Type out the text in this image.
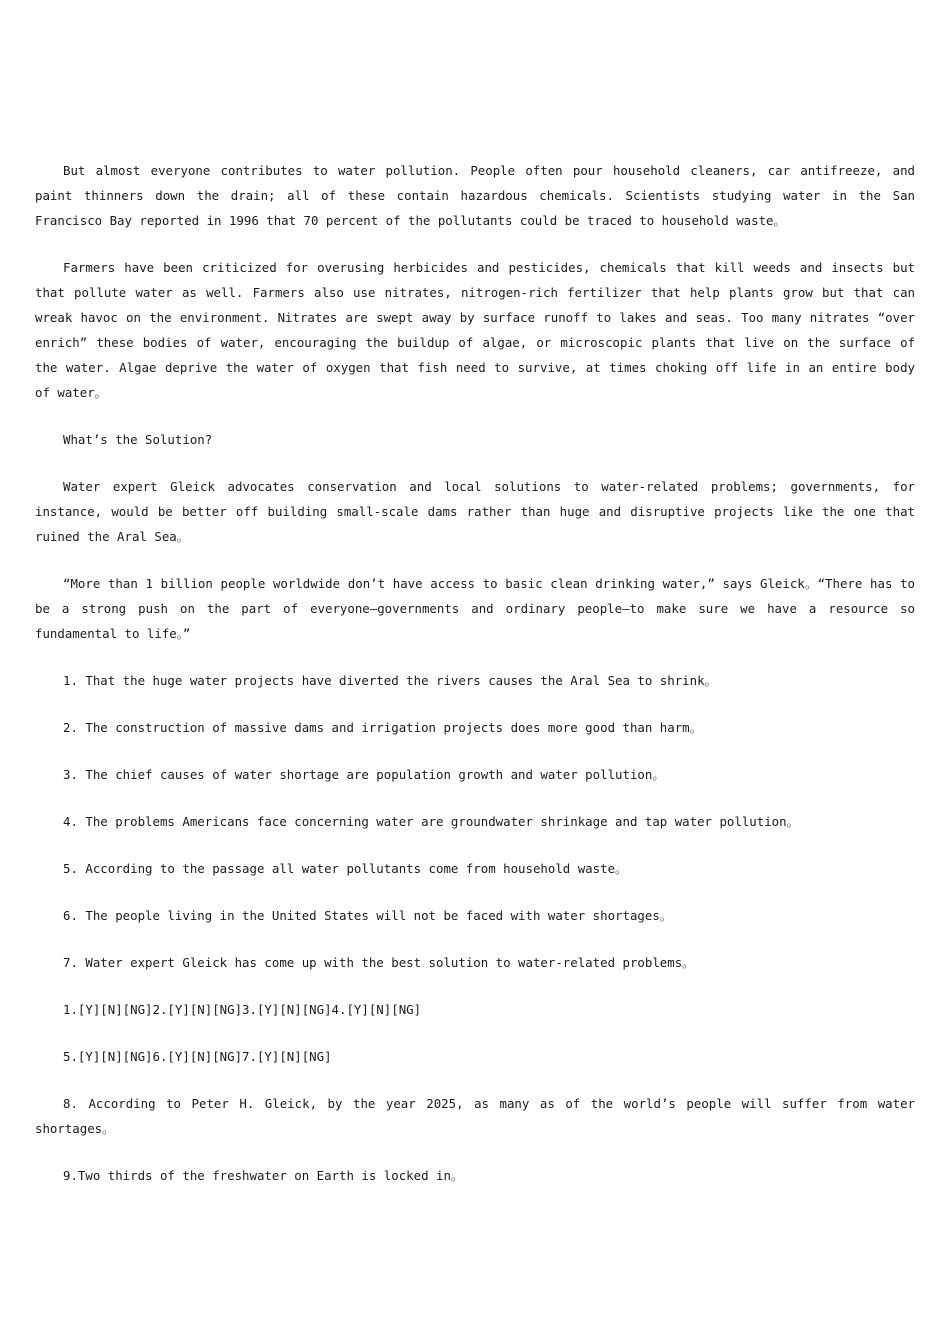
But almost everyone contributes to water pollution. People often pour household cleaners, car antifreeze, and paint thinners down the drain; all of these contain hazardous chemicals. Scientists studying water in the San Francisco Bay reported in 1996 that 70 percent of the pollutants could be traced to household waste。

Farmers have been criticized for overusing herbicides and pesticides, chemicals that kill weeds and insects but that pollute water as well. Farmers also use nitrates, nitrogen-rich fertilizer that help plants grow but that can wreak havoc on the environment. Nitrates are swept away by surface runoff to lakes and seas. Too many nitrates “over enrich” these bodies of water, encouraging the buildup of algae, or microscopic plants that live on the surface of the water. Algae deprive the water of oxygen that fish need to survive, at times choking off life in an entire body of water。

What’s the Solution?

Water expert Gleick advocates conservation and local solutions to water-related problems; governments, for instance, would be better off building small-scale dams rather than huge and disruptive projects like the one that ruined the Aral Sea。

“More than 1 billion people worldwide don’t have access to basic clean drinking water,” says Gleick。“There has to be a strong push on the part of everyone—governments and ordinary people—to make sure we have a resource so fundamental to life。”

1. That the huge water projects have diverted the rivers causes the Aral Sea to shrink。

2. The construction of massive dams and irrigation projects does more good than harm。

3. The chief causes of water shortage are population growth and water pollution。

4. The problems Americans face concerning water are groundwater shrinkage and tap water pollution。

5. According to the passage all water pollutants come from household waste。

6. The people living in the United States will not be faced with water shortages。

7. Water expert Gleick has come up with the best solution to water-related problems。

1.[Y][N][NG]2.[Y][N][NG]3.[Y][N][NG]4.[Y][N][NG]

5.[Y][N][NG]6.[Y][N][NG]7.[Y][N][NG]

8. According to Peter H. Gleick, by the year 2025, as many as of the world’s people will suffer from water shortages。

9.Two thirds of the freshwater on Earth is locked in。
